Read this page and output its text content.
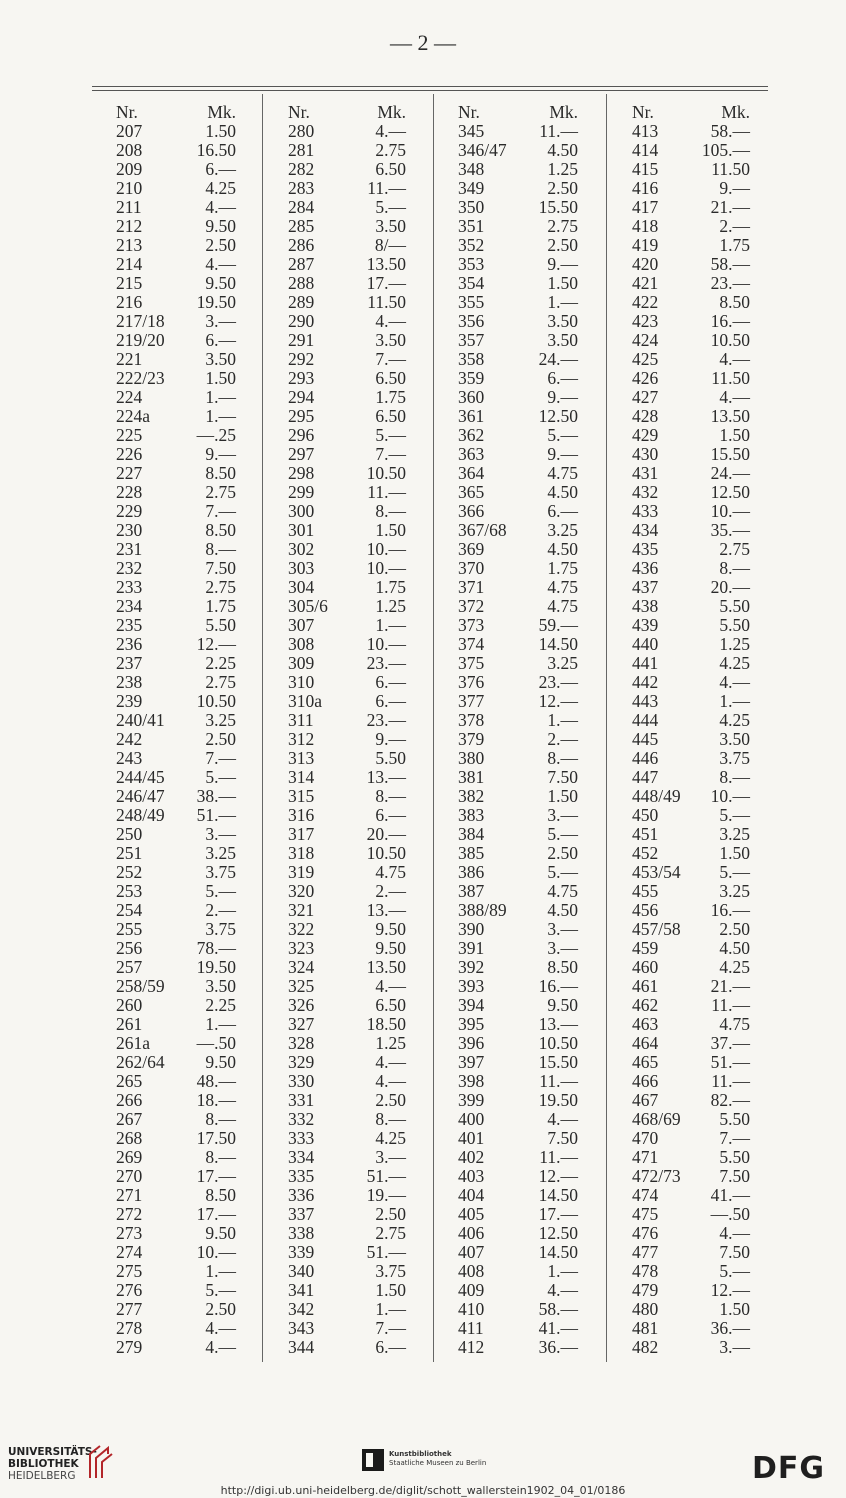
— 2 —
Nr.	Mk.
207	1.50
208	16.50
209	6.—
210	4.25
211	4.—
212	9.50
213	2.50
214	4.—
215	9.50
216	19.50
217/18 3.—
219/20 6.—
221	3.50
222/23 1.50
224	1.—
224a	1.—
225	—.25
226	9.—
227	8.50
228	2.75
229	7.—
230	8.50
231	8.—
232	7.50
233	2.75
234	1.75
235	5.50
236	12.—
237	2.25
238	2.75
239	10.50
240/41 3.25
242	2.50
243	7.—
244/45 5.—
246/47 38.—
248/49 51.—
250	3.—
251	3.25
252	3.75
253	5.—
254	2.—
255	3.75
256	78.—
257	19.50
258/59 3.50
260	2.25
261	1.—
261a	—.50
262/64 9.50
265	48.—
266	18.—
267	8.—
268	17.50
269	8.—
270	17.—
271	8.50
272	17.—
273	9.50
274	10.—
275	1.—
276	5.—
277	2.50
278	4.—
279	4.—
Nr.	Mk.
280	4.—
281	2.75
282	6.50
283	11.—
284	5.—
285	3.50
286	8/—
287	13.50
288	17.—
289	11.50
290	4.—
291	3.50
292	7.—
293	6.50
294	1.75
295	6.50
296	5.—
297	7.—
298	10.50
299	11.—
300	8.—
301	1.50
302	10.—
303	10.—
304	1.75
305/6	1.25
307	1.—
308	10.—
309	23.—
310	6.—
310a	6.—
311	23.—
312	9.—
313	5.50
314	13.—
315	8.—
316	6.—
317	20.—
318	10.50
319	4.75
320	2.—
321	13.—
322	9.50
323	9.50
324	13.50
325	4.—
326	6.50
327	18.50
328	1.25
329	4.—
330	4.—
331	2.50
332	8.—
333	4.25
334	3.—
335	51.—
336	19.—
337	2.50
338	2.75
339	51.—
340	3.75
341	1.50
342	1.—
343	7.—
344	6.—
Nr.	Mk.
345	11.—
346/47 4.50
348	1.25
349	2.50
350	15.50
351	2.75
352	2.50
353	9.—
354	1.50
355	1.—
356	3.50
357	3.50
358	24.—
359	6.—
360	9.—
361	12.50
362	5.—
363	9.—
364	4.75
365	4.50
366	6.—
367/68 3.25
369	4.50
370	1.75
371	4.75
372	4.75
373	59.—
374	14.50
375	3.25
376	23.—
377	12.—
378	1.—
379	2.—
380	8.—
381	7.50
382	1.50
383	3.—
384	5.—
385	2.50
386	5.—
387	4.75
388/89 4.50
390	3.—
391	3.—
392	8.50
393	16.—
394	9.50
395	13.—
396	10.50
397	15.50
398	11.—
399	19.50
400	4.—
401	7.50
402	11.—
403	12.—
404	14.50
405	17.—
406	12.50
407	14.50
408	1.—
409	4.—
410	58.—
411	41.—
412	36.—
Nr.	Mk.
413	58.—
414 105.—
415	11.50
416	9.—
417	21.—
418	2.—
419	1.75
420	58.—
421	23.—
422	8.50
423	16.—
424	10.50
425	4.—
426	11.50
427	4.—
428	13.50
429	1.50
430	15.50
431	24.—
432	12.50
433	10.—
434	35.—
435	2.75
436	8.—
437	20.—
438	5.50
439	5.50
440	1.25
441	4.25
442	4.—
443	1.—
444	4.25
445	3.50
446	3.75
447	8.—
448/49 10.—
450	5.—
451	3.25
452	1.50
453/54 5.—
455	3.25
456	16.—
457/58 2.50
459	4.50
460	4.25
461	21.—
462	11.—
463	4.75
464	37.—
465	51.—
466	11.—
467	82.—
468/69 5.50
470	7.—
471	5.50
472/73 7.50
474	41.—
475	—.50
476	4.—
477	7.50
478	5.—
479	12.—
480	1.50
481	36.—
482	3.—
UNIVERSITÄTS-
BIBLIOTHEK
HEIDELBERG
Kunstbibliothek
Staatliche Museen zu Berlin	DFG
http://digi.ub.uni-heidelberg.de/diglit/schott_wallerstein1902_04_01/0186
